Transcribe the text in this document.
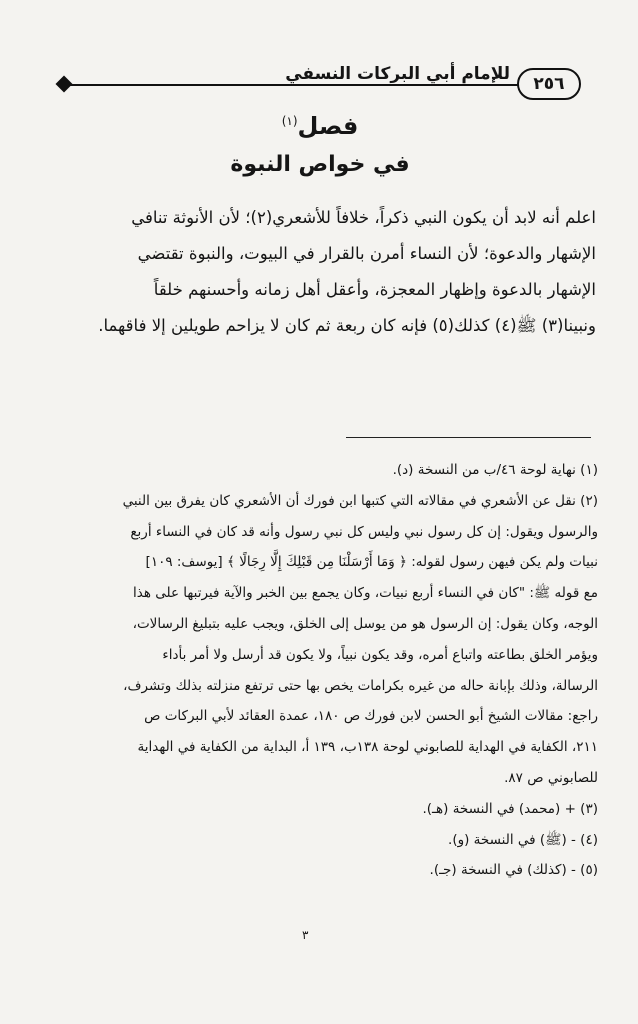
للإمام أبي البركات النسفي	٢٥٦
فصل$^{(١)}$
في خواص النبوة
اعلم أنه لابد أن يكون النبي ذكراً، خلافاً للأشعري(٢)؛ لأن الأنوثة تنافي
الإشهار والدعوة؛ لأن النساء أمرن بالقرار في البيوت، والنبوة تقتضي
الإشهار بالدعوة وإظهار المعجزة، وأعقل أهل زمانه وأحسنهم خلقاً
ونبينا(٣) ﷺ(٤) كذلك(٥) فإنه كان ربعة ثم كان لا يزاحم طويلين إلا فاقهما.
(١) نهاية لوحة ٤٦/ب من النسخة (د).
(٢) نقل عن الأشعري في مقالاته التي كتبها ابن فورك أن الأشعري كان يفرق بين النبي
والرسول ويقول: إن كل رسول نبي وليس كل نبي رسول وأنه قد كان في النساء أربع
نبيات ولم يكن فيهن رسول لقوله: ﴿ وَمَا أَرْسَلْنَا مِن قَبْلِكَ إِلَّا رِجَالًا ﴾ [يوسف: ١٠٩]
مع قوله ﷺ: "كان في النساء أربع نبيات، وكان يجمع بين الخبر والآية فيرتبها على هذا
الوجه، وكان يقول: إن الرسول هو من يوسل إلى الخلق، ويجب عليه بتبليغ الرسالات،
ويؤمر الخلق بطاعته واتباع أمره، وقد يكون نبياً، ولا يكون قد أرسل ولا أمر بأداء
الرسالة، وذلك بإبانة حاله من غيره بكرامات يخص بها حتى ترتفع منزلته بذلك وتشرف،
راجع: مقالات الشيخ أبو الحسن لابن فورك ص ١٨٠، عمدة العقائد لأبي البركات ص
٢١١، الكفاية في الهداية للصابوني لوحة ١٣٨ب، ١٣٩ أ، البداية من الكفاية في الهداية
للصابوني ص ٨٧.
(٣) + (محمد) في النسخة (هـ).
(٤) - (ﷺ) في النسخة (و).
(٥) - (كذلك) في النسخة (جـ).
٣
